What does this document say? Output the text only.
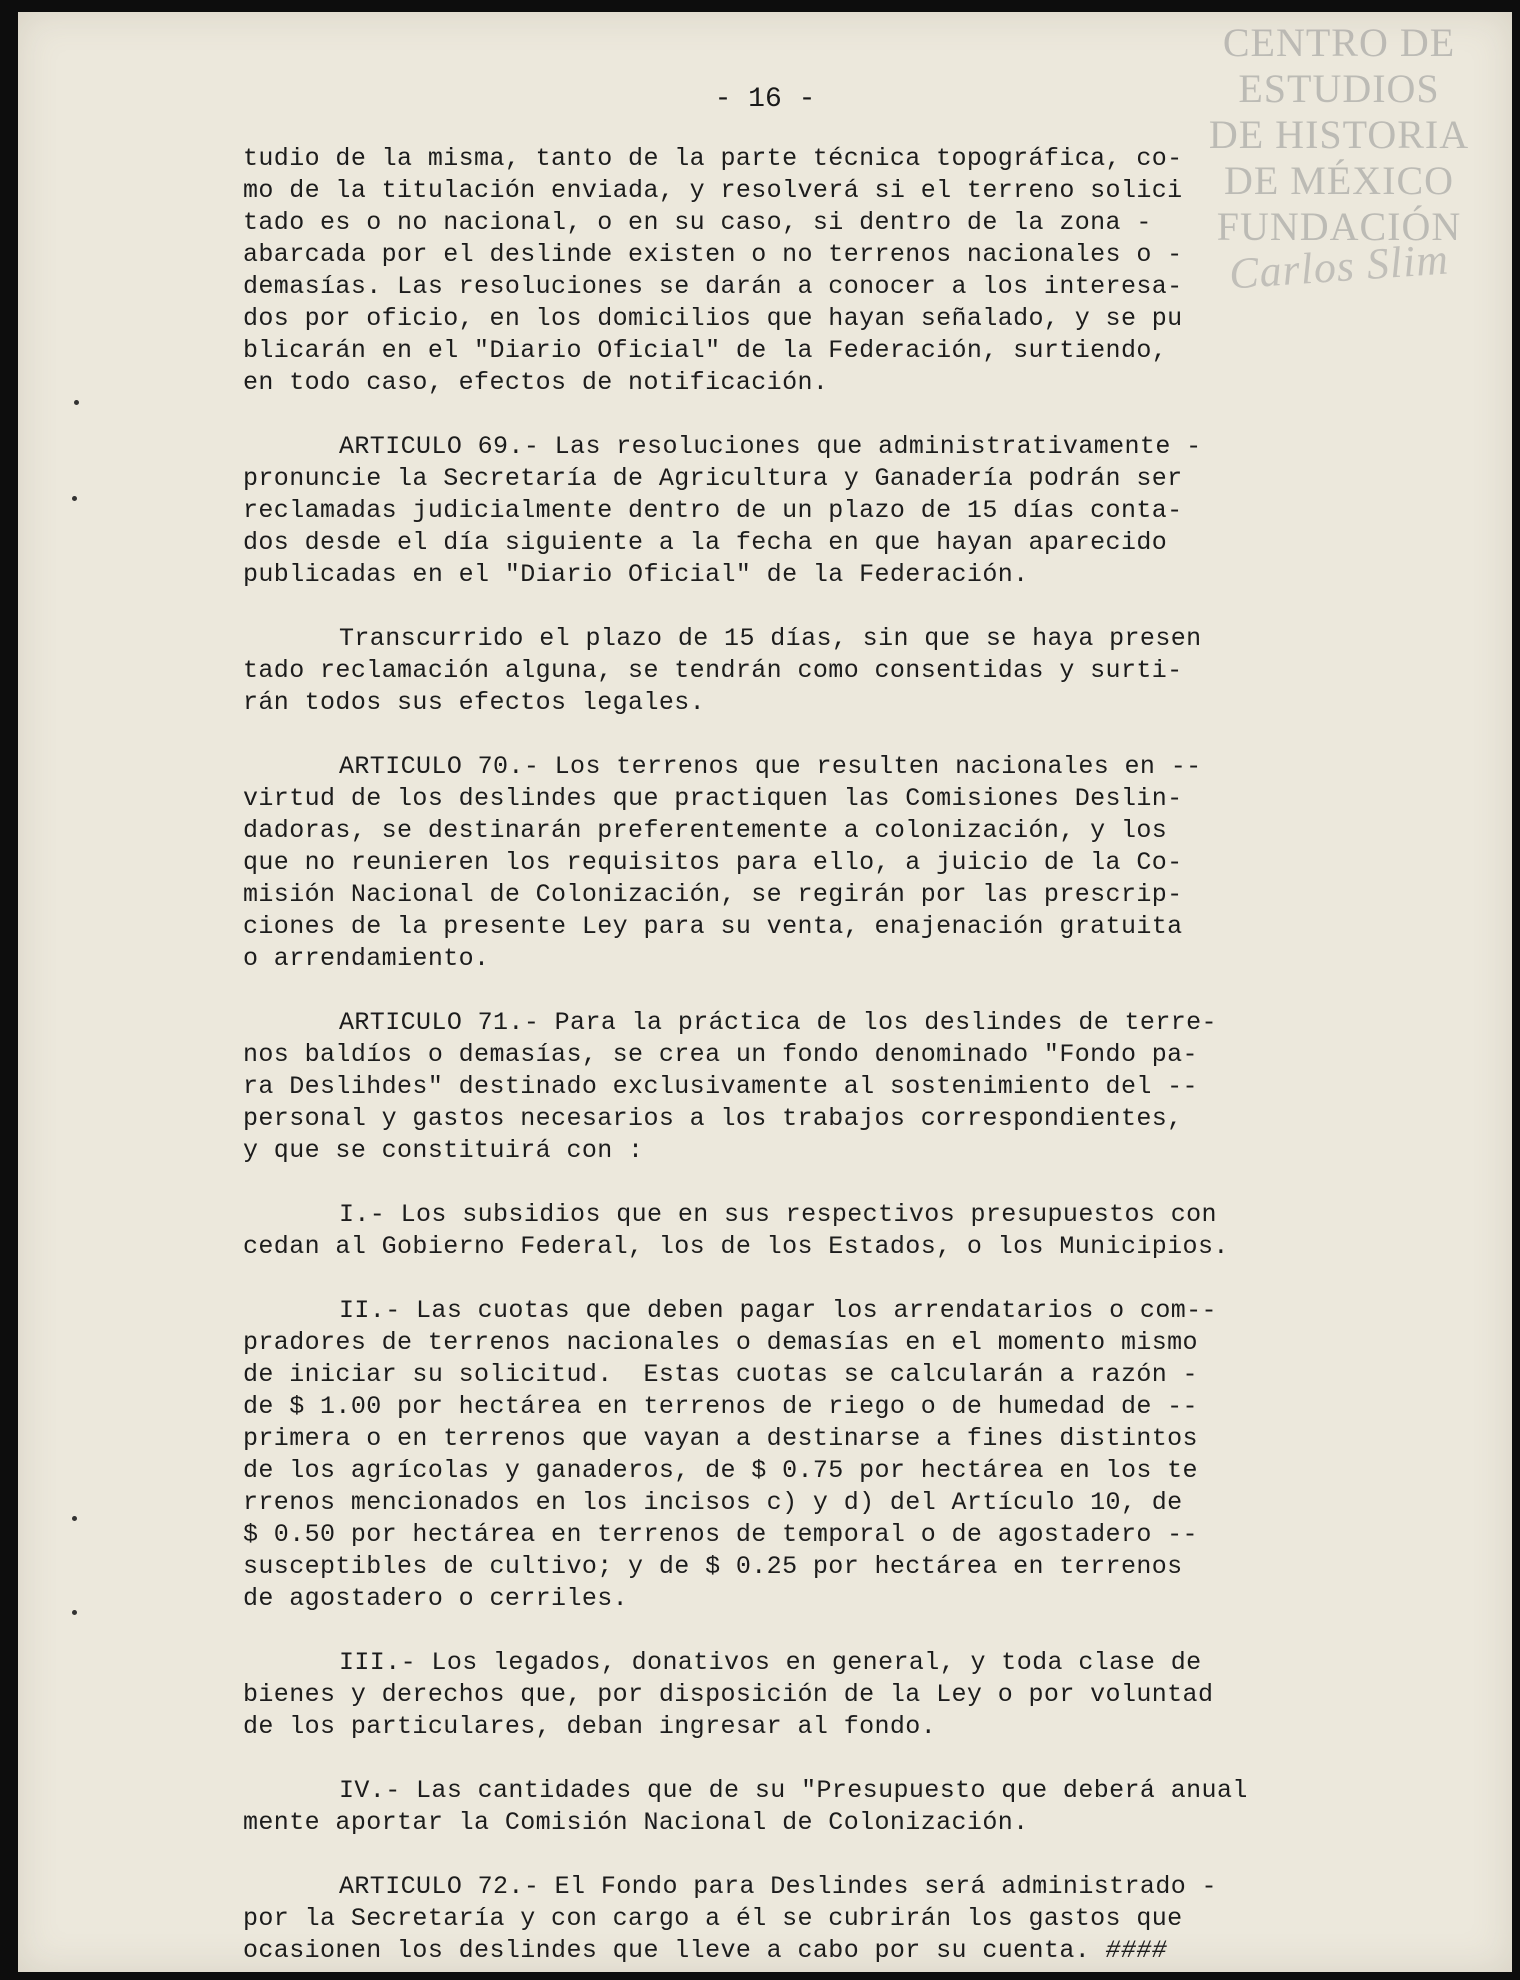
CENTRO DE
ESTUDIOS
DE HISTORIA
DE MÉXICO
FUNDACIÓN
Carlos Slim
- 16 -
tudio de la misma, tanto de la parte técnica topográfica, co-
mo de la titulación enviada, y resolverá si el terreno solici
tado es o no nacional, o en su caso, si dentro de la zona -
abarcada por el deslinde existen o no terrenos nacionales o -
demasías. Las resoluciones se darán a conocer a los interesa-
dos por oficio, en los domicilios que hayan señalado, y se pu
blicarán en el "Diario Oficial" de la Federación, surtiendo,
en todo caso, efectos de notificación.
ARTICULO 69.- Las resoluciones que administrativamente -
pronuncie la Secretaría de Agricultura y Ganadería podrán ser
reclamadas judicialmente dentro de un plazo de 15 días conta-
dos desde el día siguiente a la fecha en que hayan aparecido
publicadas en el "Diario Oficial" de la Federación.
Transcurrido el plazo de 15 días, sin que se haya presen
tado reclamación alguna, se tendrán como consentidas y surti-
rán todos sus efectos legales.
ARTICULO 70.- Los terrenos que resulten nacionales en --
virtud de los deslindes que practiquen las Comisiones Deslin-
dadoras, se destinarán preferentemente a colonización, y los
que no reunieren los requisitos para ello, a juicio de la Co-
misión Nacional de Colonización, se regirán por las prescrip-
ciones de la presente Ley para su venta, enajenación gratuita
o arrendamiento.
ARTICULO 71.- Para la práctica de los deslindes de terre-
nos baldíos o demasías, se crea un fondo denominado "Fondo pa-
ra Deslihdes" destinado exclusivamente al sostenimiento del --
personal y gastos necesarios a los trabajos correspondientes,
y que se constituirá con :
I.- Los subsidios que en sus respectivos presupuestos con
cedan al Gobierno Federal, los de los Estados, o los Municipios.
II.- Las cuotas que deben pagar los arrendatarios o com--
pradores de terrenos nacionales o demasías en el momento mismo
de iniciar su solicitud.  Estas cuotas se calcularán a razón -
de $ 1.00 por hectárea en terrenos de riego o de humedad de --
primera o en terrenos que vayan a destinarse a fines distintos
de los agrícolas y ganaderos, de $ 0.75 por hectárea en los te
rrenos mencionados en los incisos c) y d) del Artículo 10, de
$ 0.50 por hectárea en terrenos de temporal o de agostadero --
susceptibles de cultivo; y de $ 0.25 por hectárea en terrenos
de agostadero o cerriles.
III.- Los legados, donativos en general, y toda clase de
bienes y derechos que, por disposición de la Ley o por voluntad
de los particulares, deban ingresar al fondo.
IV.- Las cantidades que de su "Presupuesto que deberá anual
mente aportar la Comisión Nacional de Colonización.
ARTICULO 72.- El Fondo para Deslindes será administrado -
por la Secretaría y con cargo a él se cubrirán los gastos que
ocasionen los deslindes que lleve a cabo por su cuenta. ####
